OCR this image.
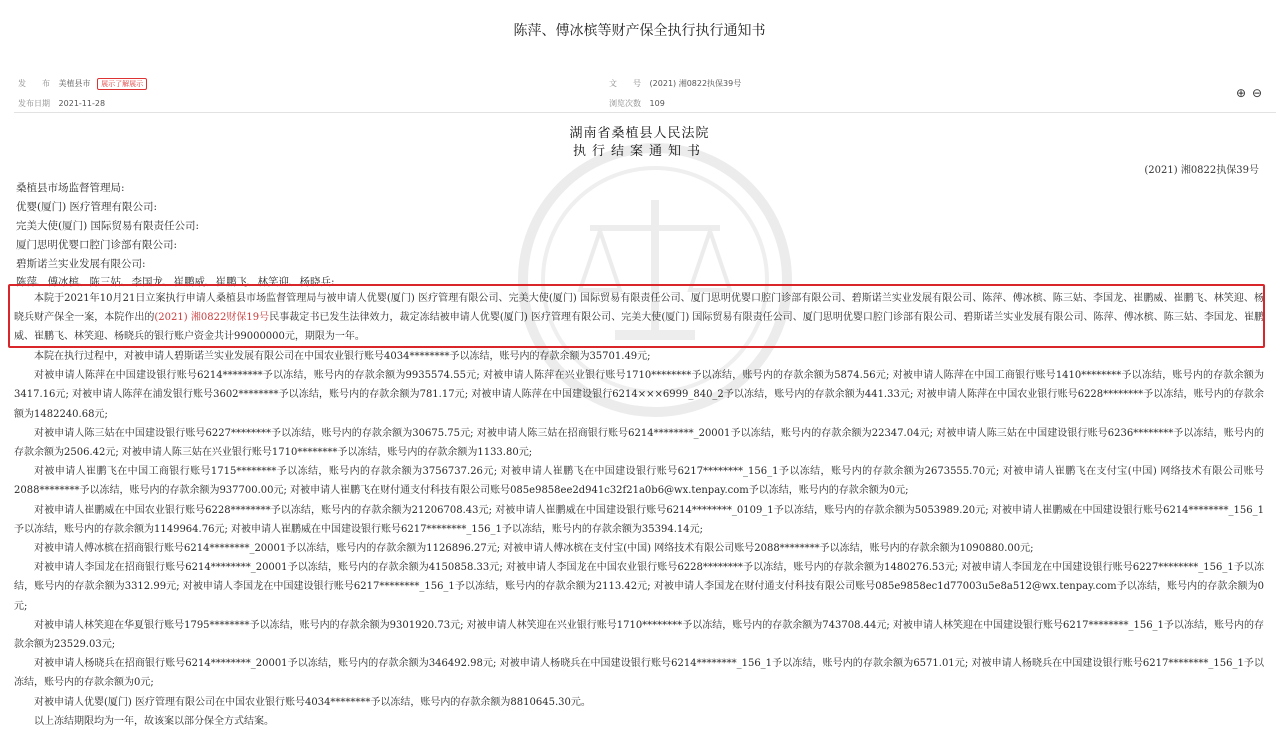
陈萍、傅冰槟等财产保全执行执行通知书
发　　布 美植县市 展示了解展示
发布日期 2021-11-28
文　　号 (2021) 湘0822执保39号
浏览次数 109
⊕ ⊖
湖南省桑植县人民法院
执行结案通知书
(2021) 湘0822执保39号
桑植县市场监督管理局:
优婴(厦门) 医疗管理有限公司:
完美大使(厦门) 国际贸易有限责任公司:
厦门思明优婴口腔门诊部有限公司:
碧斯诺兰实业发展有限公司:
陈萍、傅冰槟、陈三姑、李国龙、崔鹏威、崔鹏飞、林笑迎、杨晓兵:

本院于2021年10月21日立案执行申请人桑植县市场监督管理局与被申请人优婴(厦门) 医疗管理有限公司、完美大使(厦门) 国际贸易有限责任公司、厦门思明优婴口腔门诊部有限公司、碧斯诺兰实业发展有限公司、陈萍、傅冰槟、陈三姑、李国龙、崔鹏威、崔鹏飞、林笑迎、杨晓兵财产保全一案，本院作出的(2021) 湘0822财保19号民事裁定书已发生法律效力，裁定冻结被申请人优婴(厦门) 医疗管理有限公司、完美大使(厦门) 国际贸易有限责任公司、厦门思明优婴口腔门诊部有限公司、碧斯诺兰实业发展有限公司、陈萍、傅冰槟、陈三姑、李国龙、崔鹏威、崔鹏飞、林笑迎、杨晓兵的银行账户资金共计99000000元，期限为一年。

本院在执行过程中，对被申请人碧斯诺兰实业发展有限公司在中国农业银行账号4034********予以冻结，账号内的存款余额为35701.49元;

对被申请人陈萍在中国建设银行账号6214********予以冻结，账号内的存款余额为9935574.55元; 对被申请人陈萍在兴业银行账号1710********予以冻结，账号内的存款余额为5874.56元; 对被申请人陈萍在中国工商银行账号1410********予以冻结，账号内的存款余额为3417.16元; 对被申请人陈萍在浦发银行账号3602********予以冻结，账号内的存款余额为781.17元; 对被申请人陈萍在中国建设银行6214×××6999_840_2予以冻结，账号内的存款余额为441.33元; 对被申请人陈萍在中国农业银行账号6228********予以冻结，账号内的存款余额为1482240.68元;

对被申请人陈三姑在中国建设银行账号6227********予以冻结，账号内的存款余额为30675.75元; 对被申请人陈三姑在招商银行账号6214********_20001予以冻结，账号内的存款余额为22347.04元; 对被申请人陈三姑在中国建设银行账号6236********予以冻结，账号内的存款余额为2506.42元; 对被申请人陈三姑在兴业银行账号1710********予以冻结，账号内的存款余额为1133.80元;

对被申请人崔鹏飞在中国工商银行账号1715********予以冻结，账号内的存款余额为3756737.26元; 对被申请人崔鹏飞在中国建设银行账号6217********_156_1予以冻结，账号内的存款余额为2673555.70元; 对被申请人崔鹏飞在支付宝(中国) 网络技术有限公司账号2088********予以冻结，账号内的存款余额为937700.00元; 对被申请人崔鹏飞在财付通支付科技有限公司账号085e9858ee2d941c32f21a0b6@wx.tenpay.com予以冻结，账号内的存款余额为0元;

对被申请人崔鹏威在中国农业银行账号6228********予以冻结，账号内的存款余额为21206708.43元; 对被申请人崔鹏威在中国建设银行账号6214********_0109_1予以冻结，账号内的存款余额为5053989.20元; 对被申请人崔鹏威在中国建设银行账号6214********_156_1予以冻结，账号内的存款余额为1149964.76元; 对被申请人崔鹏威在中国建设银行账号6217********_156_1予以冻结，账号内的存款余额为35394.14元;

对被申请人傅冰槟在招商银行账号6214********_20001予以冻结，账号内的存款余额为1126896.27元; 对被申请人傅冰槟在支付宝(中国) 网络技术有限公司账号2088********予以冻结，账号内的存款余额为1090880.00元;

对被申请人李国龙在招商银行账号6214********_20001予以冻结，账号内的存款余额为4150858.33元; 对被申请人李国龙在中国农业银行账号6228********予以冻结，账号内的存款余额为1480276.53元; 对被申请人李国龙在中国建设银行账号6227********_156_1予以冻结，账号内的存款余额为3312.99元; 对被申请人李国龙在中国建设银行账号6217********_156_1予以冻结，账号内的存款余额为2113.42元; 对被申请人李国龙在财付通支付科技有限公司账号085e9858ec1d77003u5e8a512@wx.tenpay.com予以冻结，账号内的存款余额为0元;

对被申请人林笑迎在华夏银行账号1795********予以冻结，账号内的存款余额为9301920.73元; 对被申请人林笑迎在兴业银行账号1710********予以冻结，账号内的存款余额为743708.44元; 对被申请人林笑迎在中国建设银行账号6217********_156_1予以冻结，账号内的存款余额为23529.03元;

对被申请人杨晓兵在招商银行账号6214********_20001予以冻结，账号内的存款余额为346492.98元; 对被申请人杨晓兵在中国建设银行账号6214********_156_1予以冻结，账号内的存款余额为6571.01元; 对被申请人杨晓兵在中国建设银行账号6217********_156_1予以冻结，账号内的存款余额为0元;

对被申请人优婴(厦门) 医疗管理有限公司在中国农业银行账号4034********予以冻结，账号内的存款余额为8810645.30元。

以上冻结期限均为一年，故该案以部分保全方式结案。
